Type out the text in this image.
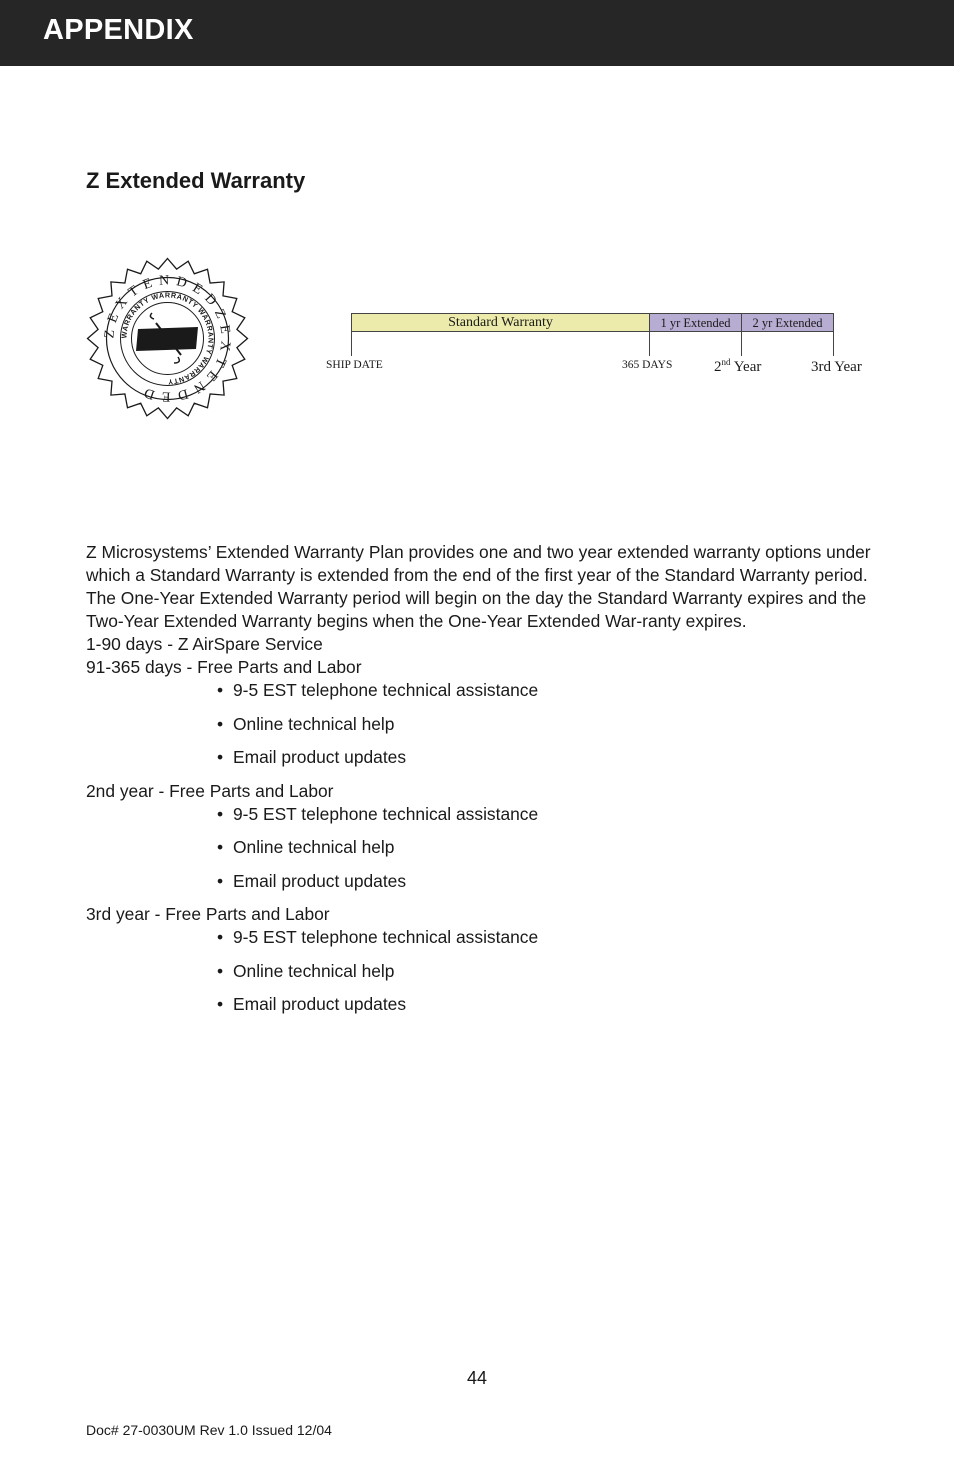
APPENDIX
Z Extended Warranty
Z E X T E N D E D Z E X T E N D E D
WARRANTY WARRANTY WARRANTY WARRANTY
Standard Warranty	1 yr Extended	2 yr Extended
SHIP DATE	365 DAYS	2nd Year	3rd Year

Z Microsystems’ Extended Warranty Plan provides one and two year extended warranty options under which a Standard Warranty is extended from the end of the first year of the Standard Warranty period.

The One-Year Extended Warranty period will begin on the day the Standard Warranty expires and the Two-Year Extended Warranty begins when the One-Year Extended War-ranty expires.

1-90 days - Z AirSpare Service

91-365 days - Free Parts and Labor

• 9-5 EST telephone technical assistance
• Online technical help
• Email product updates

2nd year - Free Parts and Labor

• 9-5 EST telephone technical assistance
• Online technical help
• Email product updates

3rd year - Free Parts and Labor

• 9-5 EST telephone technical assistance
• Online technical help
• Email product updates
44
Doc# 27-0030UM Rev 1.0 Issued 12/04
